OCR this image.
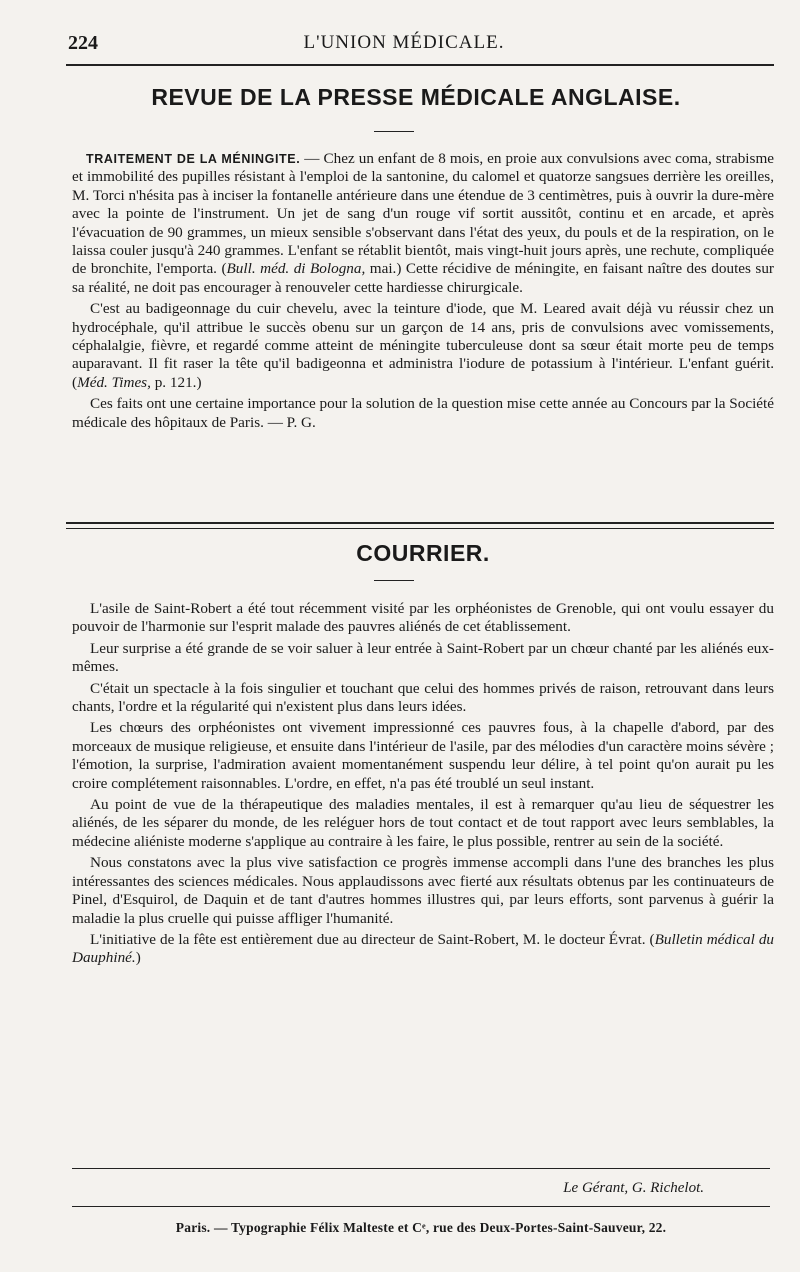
224	L'UNION MÉDICALE.
REVUE DE LA PRESSE MÉDICALE ANGLAISE.

TRAITEMENT DE LA MÉNINGITE. — Chez un enfant de 8 mois, en proie aux convulsions avec coma, strabisme et immobilité des pupilles résistant à l'emploi de la santonine, du calomel et quatorze sangsues derrière les oreilles, M. Torci n'hésita pas à inciser la fontanelle antérieure dans une étendue de 3 centimètres, puis à ouvrir la dure-mère avec la pointe de l'instrument. Un jet de sang d'un rouge vif sortit aussitôt, continu et en arcade, et après l'évacuation de 90 grammes, un mieux sensible s'observant dans l'état des yeux, du pouls et de la respiration, on le laissa couler jusqu'à 240 grammes. L'enfant se rétablit bientôt, mais vingt-huit jours après, une rechute, compliquée de bronchite, l'emporta. (Bull. méd. di Bologna, mai.) Cette récidive de méningite, en faisant naître des doutes sur sa réalité, ne doit pas encourager à renouveler cette hardiesse chirurgicale.

C'est au badigeonnage du cuir chevelu, avec la teinture d'iode, que M. Leared avait déjà vu réussir chez un hydrocéphale, qu'il attribue le succès obenu sur un garçon de 14 ans, pris de convulsions avec vomissements, céphalalgie, fièvre, et regardé comme atteint de méningite tuberculeuse dont sa sœur était morte peu de temps auparavant. Il fit raser la tête qu'il badigeonna et administra l'iodure de potassium à l'intérieur. L'enfant guérit. (Méd. Times, p. 121.)

Ces faits ont une certaine importance pour la solution de la question mise cette année au Concours par la Société médicale des hôpitaux de Paris. — P. G.

COURRIER.

L'asile de Saint-Robert a été tout récemment visité par les orphéonistes de Grenoble, qui ont voulu essayer du pouvoir de l'harmonie sur l'esprit malade des pauvres aliénés de cet établissement.

Leur surprise a été grande de se voir saluer à leur entrée à Saint-Robert par un chœur chanté par les aliénés eux-mêmes.

C'était un spectacle à la fois singulier et touchant que celui des hommes privés de raison, retrouvant dans leurs chants, l'ordre et la régularité qui n'existent plus dans leurs idées.

Les chœurs des orphéonistes ont vivement impressionné ces pauvres fous, à la chapelle d'abord, par des morceaux de musique religieuse, et ensuite dans l'intérieur de l'asile, par des mélodies d'un caractère moins sévère ; l'émotion, la surprise, l'admiration avaient momentanément suspendu leur délire, à tel point qu'on aurait pu les croire complétement raisonnables. L'ordre, en effet, n'a pas été troublé un seul instant.

Au point de vue de la thérapeutique des maladies mentales, il est à remarquer qu'au lieu de séquestrer les aliénés, de les séparer du monde, de les reléguer hors de tout contact et de tout rapport avec leurs semblables, la médecine aliéniste moderne s'applique au contraire à les faire, le plus possible, rentrer au sein de la société.

Nous constatons avec la plus vive satisfaction ce progrès immense accompli dans l'une des branches les plus intéressantes des sciences médicales. Nous applaudissons avec fierté aux résultats obtenus par les continuateurs de Pinel, d'Esquirol, de Daquin et de tant d'autres hommes illustres qui, par leurs efforts, sont parvenus à guérir la maladie la plus cruelle qui puisse affliger l'humanité.

L'initiative de la fête est entièrement due au directeur de Saint-Robert, M. le docteur Évrat. (Bulletin médical du Dauphiné.)

Le Gérant, G. Richelot.
Paris. — Typographie Félix Malteste et Cᵉ, rue des Deux-Portes-Saint-Sauveur, 22.
